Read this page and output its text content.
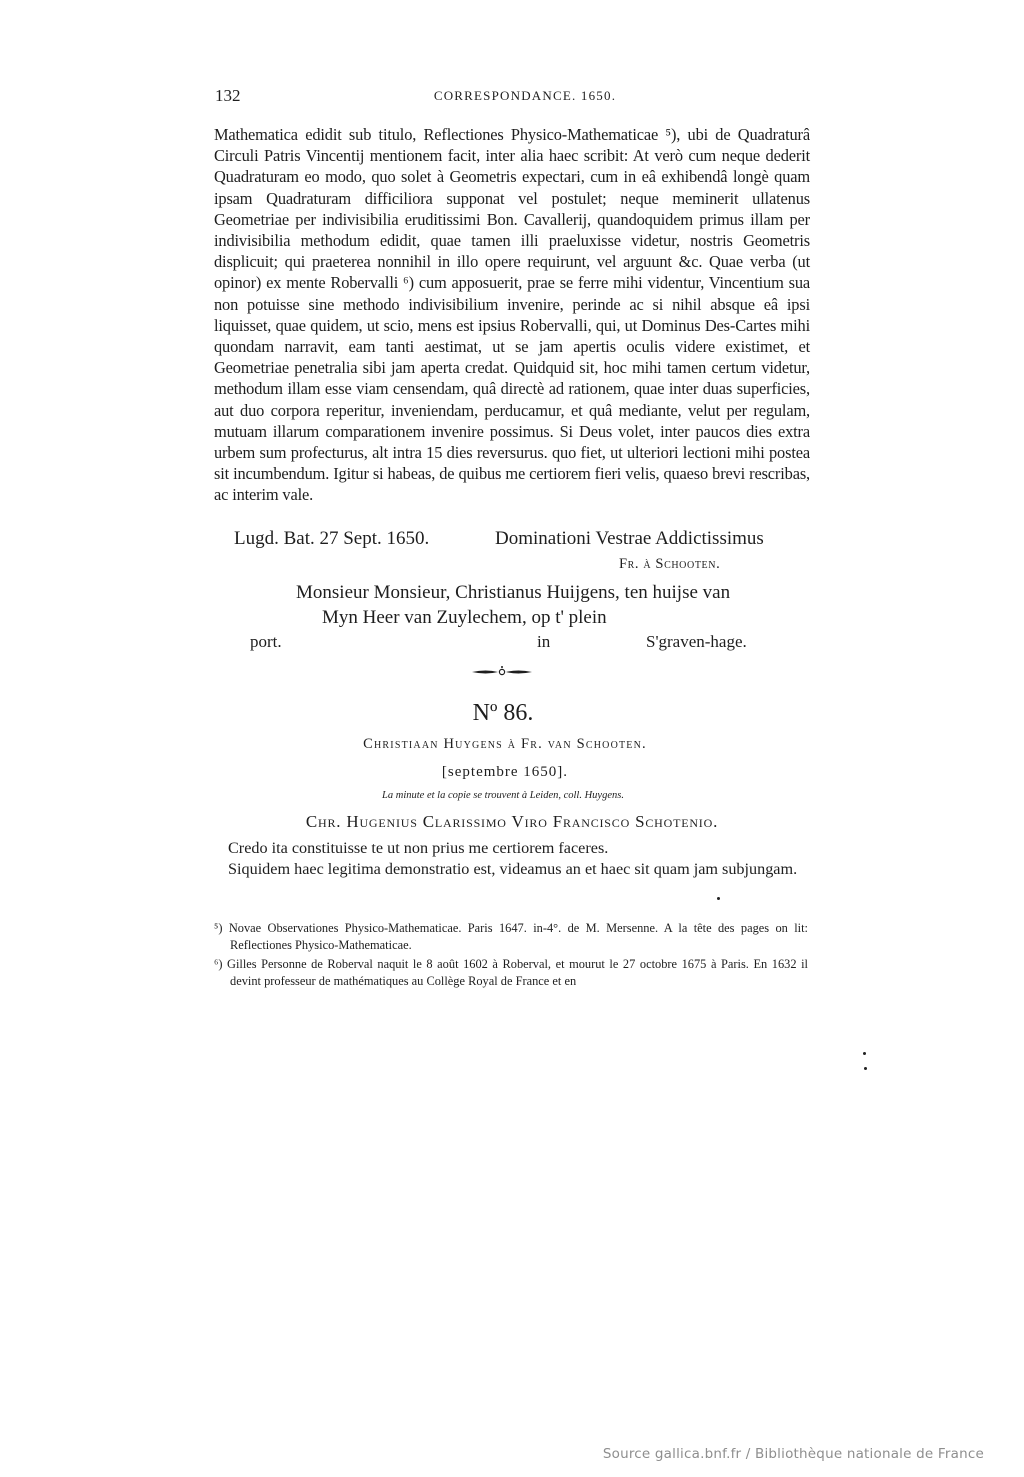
132	CORRESPONDANCE. 1650.

Mathematica edidit sub titulo, Reflectiones Physico-Mathematicae ⁵), ubi de Quadraturâ Circuli Patris Vincentij mentionem facit, inter alia haec scribit: At verò cum neque dederit Quadraturam eo modo, quo solet à Geometris expectari, cum in eâ exhibendâ longè quam ipsam Quadraturam difficiliora supponat vel postulet; neque meminerit ullatenus Geometriae per indivisibilia eruditissimi Bon. Cavallerij, quandoquidem primus illam per indivisibilia methodum edidit, quae tamen illi praeluxisse videtur, nostris Geometris displicuit; qui praeterea nonnihil in illo opere requirunt, vel arguunt &c. Quae verba (ut opinor) ex mente Robervalli ⁶) cum apposuerit, prae se ferre mihi videntur, Vincentium sua non potuisse sine methodo indivisibilium invenire, perinde ac si nihil absque eâ ipsi liquisset, quae quidem, ut scio, mens est ipsius Robervalli, qui, ut Dominus Des-Cartes mihi quondam narravit, eam tanti aestimat, ut se jam apertis oculis videre existimet, et Geometriae penetralia sibi jam aperta credat. Quidquid sit, hoc mihi tamen certum videtur, methodum illam esse viam censendam, quâ directè ad rationem, quae inter duas superficies, aut duo corpora reperitur, inveniendam, perducamur, et quâ mediante, velut per regulam, mutuam illarum comparationem invenire possimus. Si Deus volet, inter paucos dies extra urbem sum profecturus, alt intra 15 dies reversurus. quo fiet, ut ulteriori lectioni mihi postea sit incumbendum. Igitur si habeas, de quibus me certiorem fieri velis, quaeso brevi rescribas, ac interim vale.

Lugd. Bat. 27 Sept. 1650.	Dominationi Vestrae Addictissimus
Fr. à Schooten.
Monsieur Monsieur, Christianus Huijgens, ten huijse van
Myn Heer van Zuylechem, op t' plein
port.	in	S'graven-hage.
Nº 86.
Christiaan Huygens à Fr. van Schooten.
[septembre 1650].
La minute et la copie se trouvent à Leiden, coll. Huygens.
Chr. Hugenius Clarissimo Viro Francisco Schotenio.

Credo ita constituisse te ut non prius me certiorem faceres.

Siquidem haec legitima demonstratio est, videamus an et haec sit quam jam subjungam.

⁵) Novae Observationes Physico-Mathematicae. Paris 1647. in-4°. de M. Mersenne. A la tête des pages on lit: Reflectiones Physico-Mathematicae.

⁶) Gilles Personne de Roberval naquit le 8 août 1602 à Roberval, et mourut le 27 octobre 1675 à Paris. En 1632 il devint professeur de mathématiques au Collège Royal de France et en

Source gallica.bnf.fr / Bibliothèque nationale de France
